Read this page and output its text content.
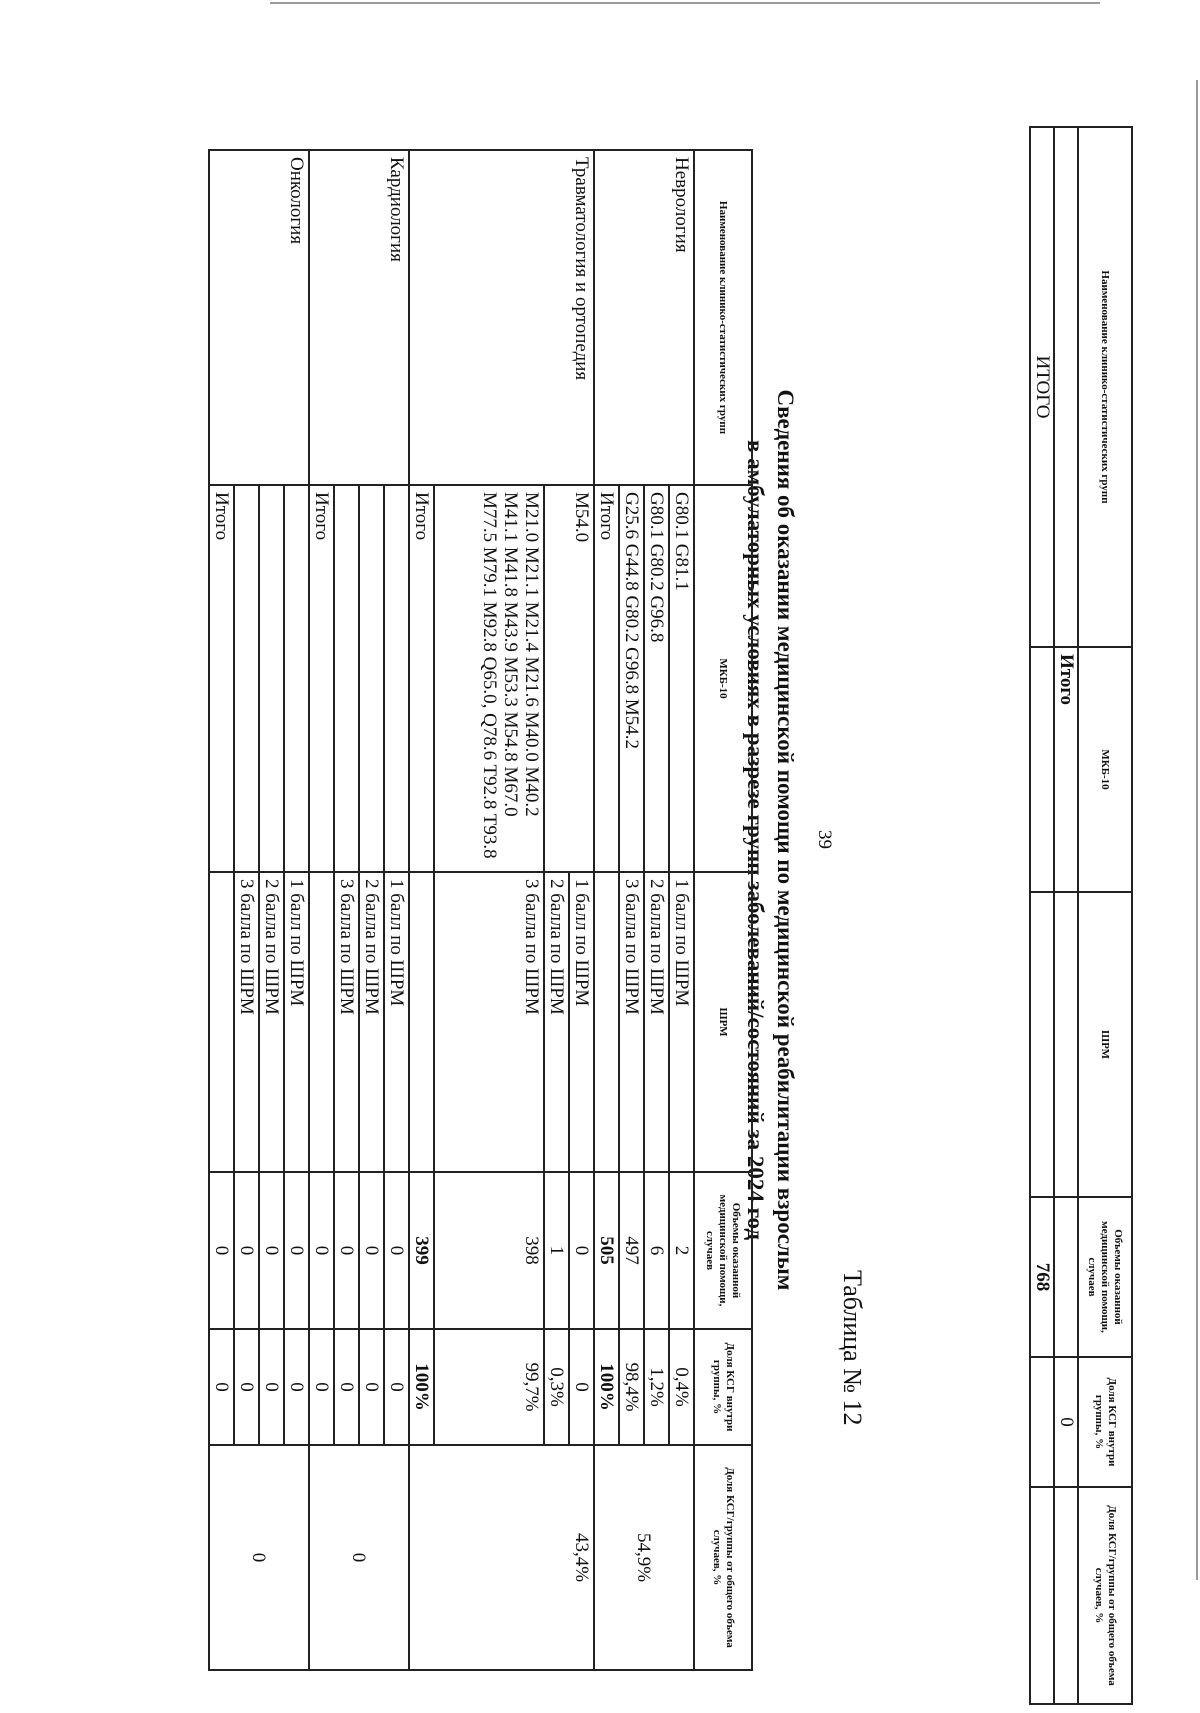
39
Таблица № 12
Сведения об оказании медицинской помощи по медицинской реабилитации взрослым
в амбулаторных условиях в разрезе групп заболеваний/состояний за 2024 год
Наименование клинико-статистических групп	МКБ-10	ШРМ	Объемы оказанной медицинской помощи, случаев	Доля КСГ внутри группы, %	Доля КСГ/группы от общего объема случаев, %
	Итого			0	
ИТОГО			768		
Наименование клинико-статистических групп	МКБ-10	ШРМ	Объемы оказанной медицинской помощи, случаев	Доля КСГ внутри группы, %	Доля КСГ/группы от общего объема случаев, %
Неврология	G80.1 G81.1	1 балл по ШРМ	2	0,4%	54,9%
	G80.1 G80.2 G96.8	2 балла по ШРМ	6	1,2%	
	G25.6 G44.8 G80.2 G96.8 M54.2	3 балла по ШРМ	497	98,4%	
	Итого		505	100%	
Травматология и ортопедия	M54.0	1 балл по ШРМ	0	0	43,4%
		2 балла по ШРМ	1	0,3%	
	M21.0 M21.1 M21.4 M21.6 M40.0 M40.2 M41.1 M41.8 M43.9 M53.3 M54.8 M67.0 M77.5 M79.1 M92.8 Q65.0, Q78.6 T92.8 T93.8	3 балла по ШРМ	398	99,7%	
	Итого		399	100%	
Кардиология		1 балл по ШРМ	0	0	0
		2 балла по ШРМ	0	0	
		3 балла по ШРМ	0	0	
	Итого		0	0	
Онкология		1 балл по ШРМ	0	0	0
		2 балла по ШРМ	0	0	
		3 балла по ШРМ	0	0	
	Итого		0	0	
